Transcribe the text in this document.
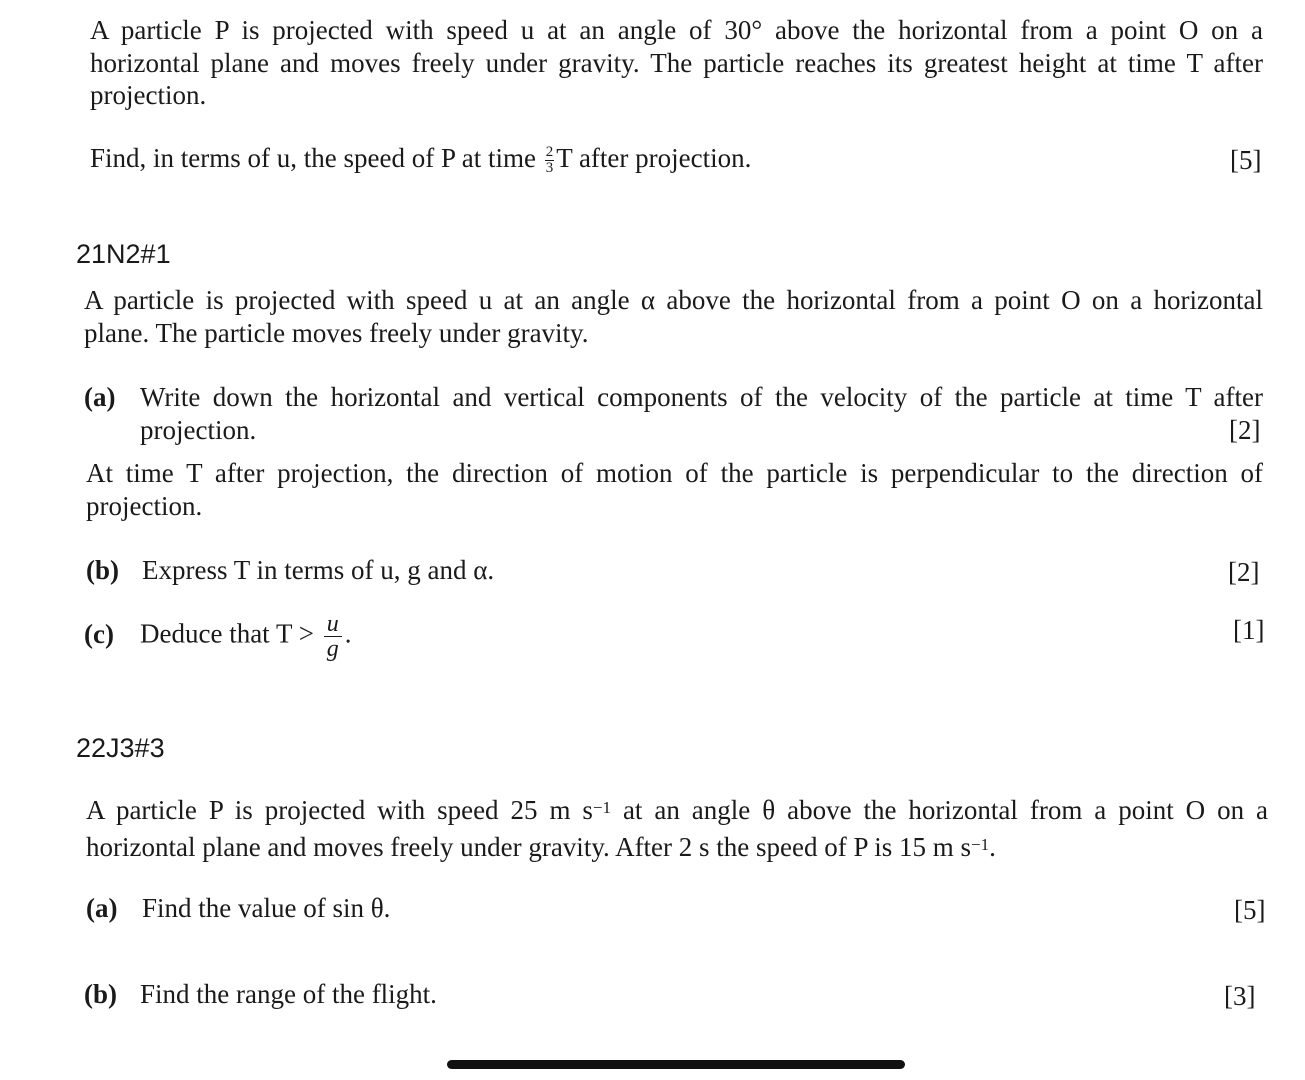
A particle P is projected with speed u at an angle of 30° above the horizontal from a point O on a
horizontal plane and moves freely under gravity. The particle reaches its greatest height at time T after
projection.
Find, in terms of u, the speed of P at time $\frac{2}{3}$ T after projection.	[5]
21N2#1
A particle is projected with speed u at an angle α above the horizontal from a point O on a horizontal
plane. The particle moves freely under gravity.
(a) Write down the horizontal and vertical components of the velocity of the particle at time T after
projection.	[2]
At time T after projection, the direction of motion of the particle is perpendicular to the direction of
projection.
(b) Express T in terms of u, g and α.	[2]
(c) Deduce that $T > \frac{u}{g}$ .	[1]
22J3#3
A particle P is projected with speed 25 m $s^{-1}$ at an angle θ above the horizontal from a point O on a
horizontal plane and moves freely under gravity. After 2 s the speed of P is 15 m $s^{-1}$.
(a) Find the value of sin θ.	[5]
(b) Find the range of the flight.	[3]
